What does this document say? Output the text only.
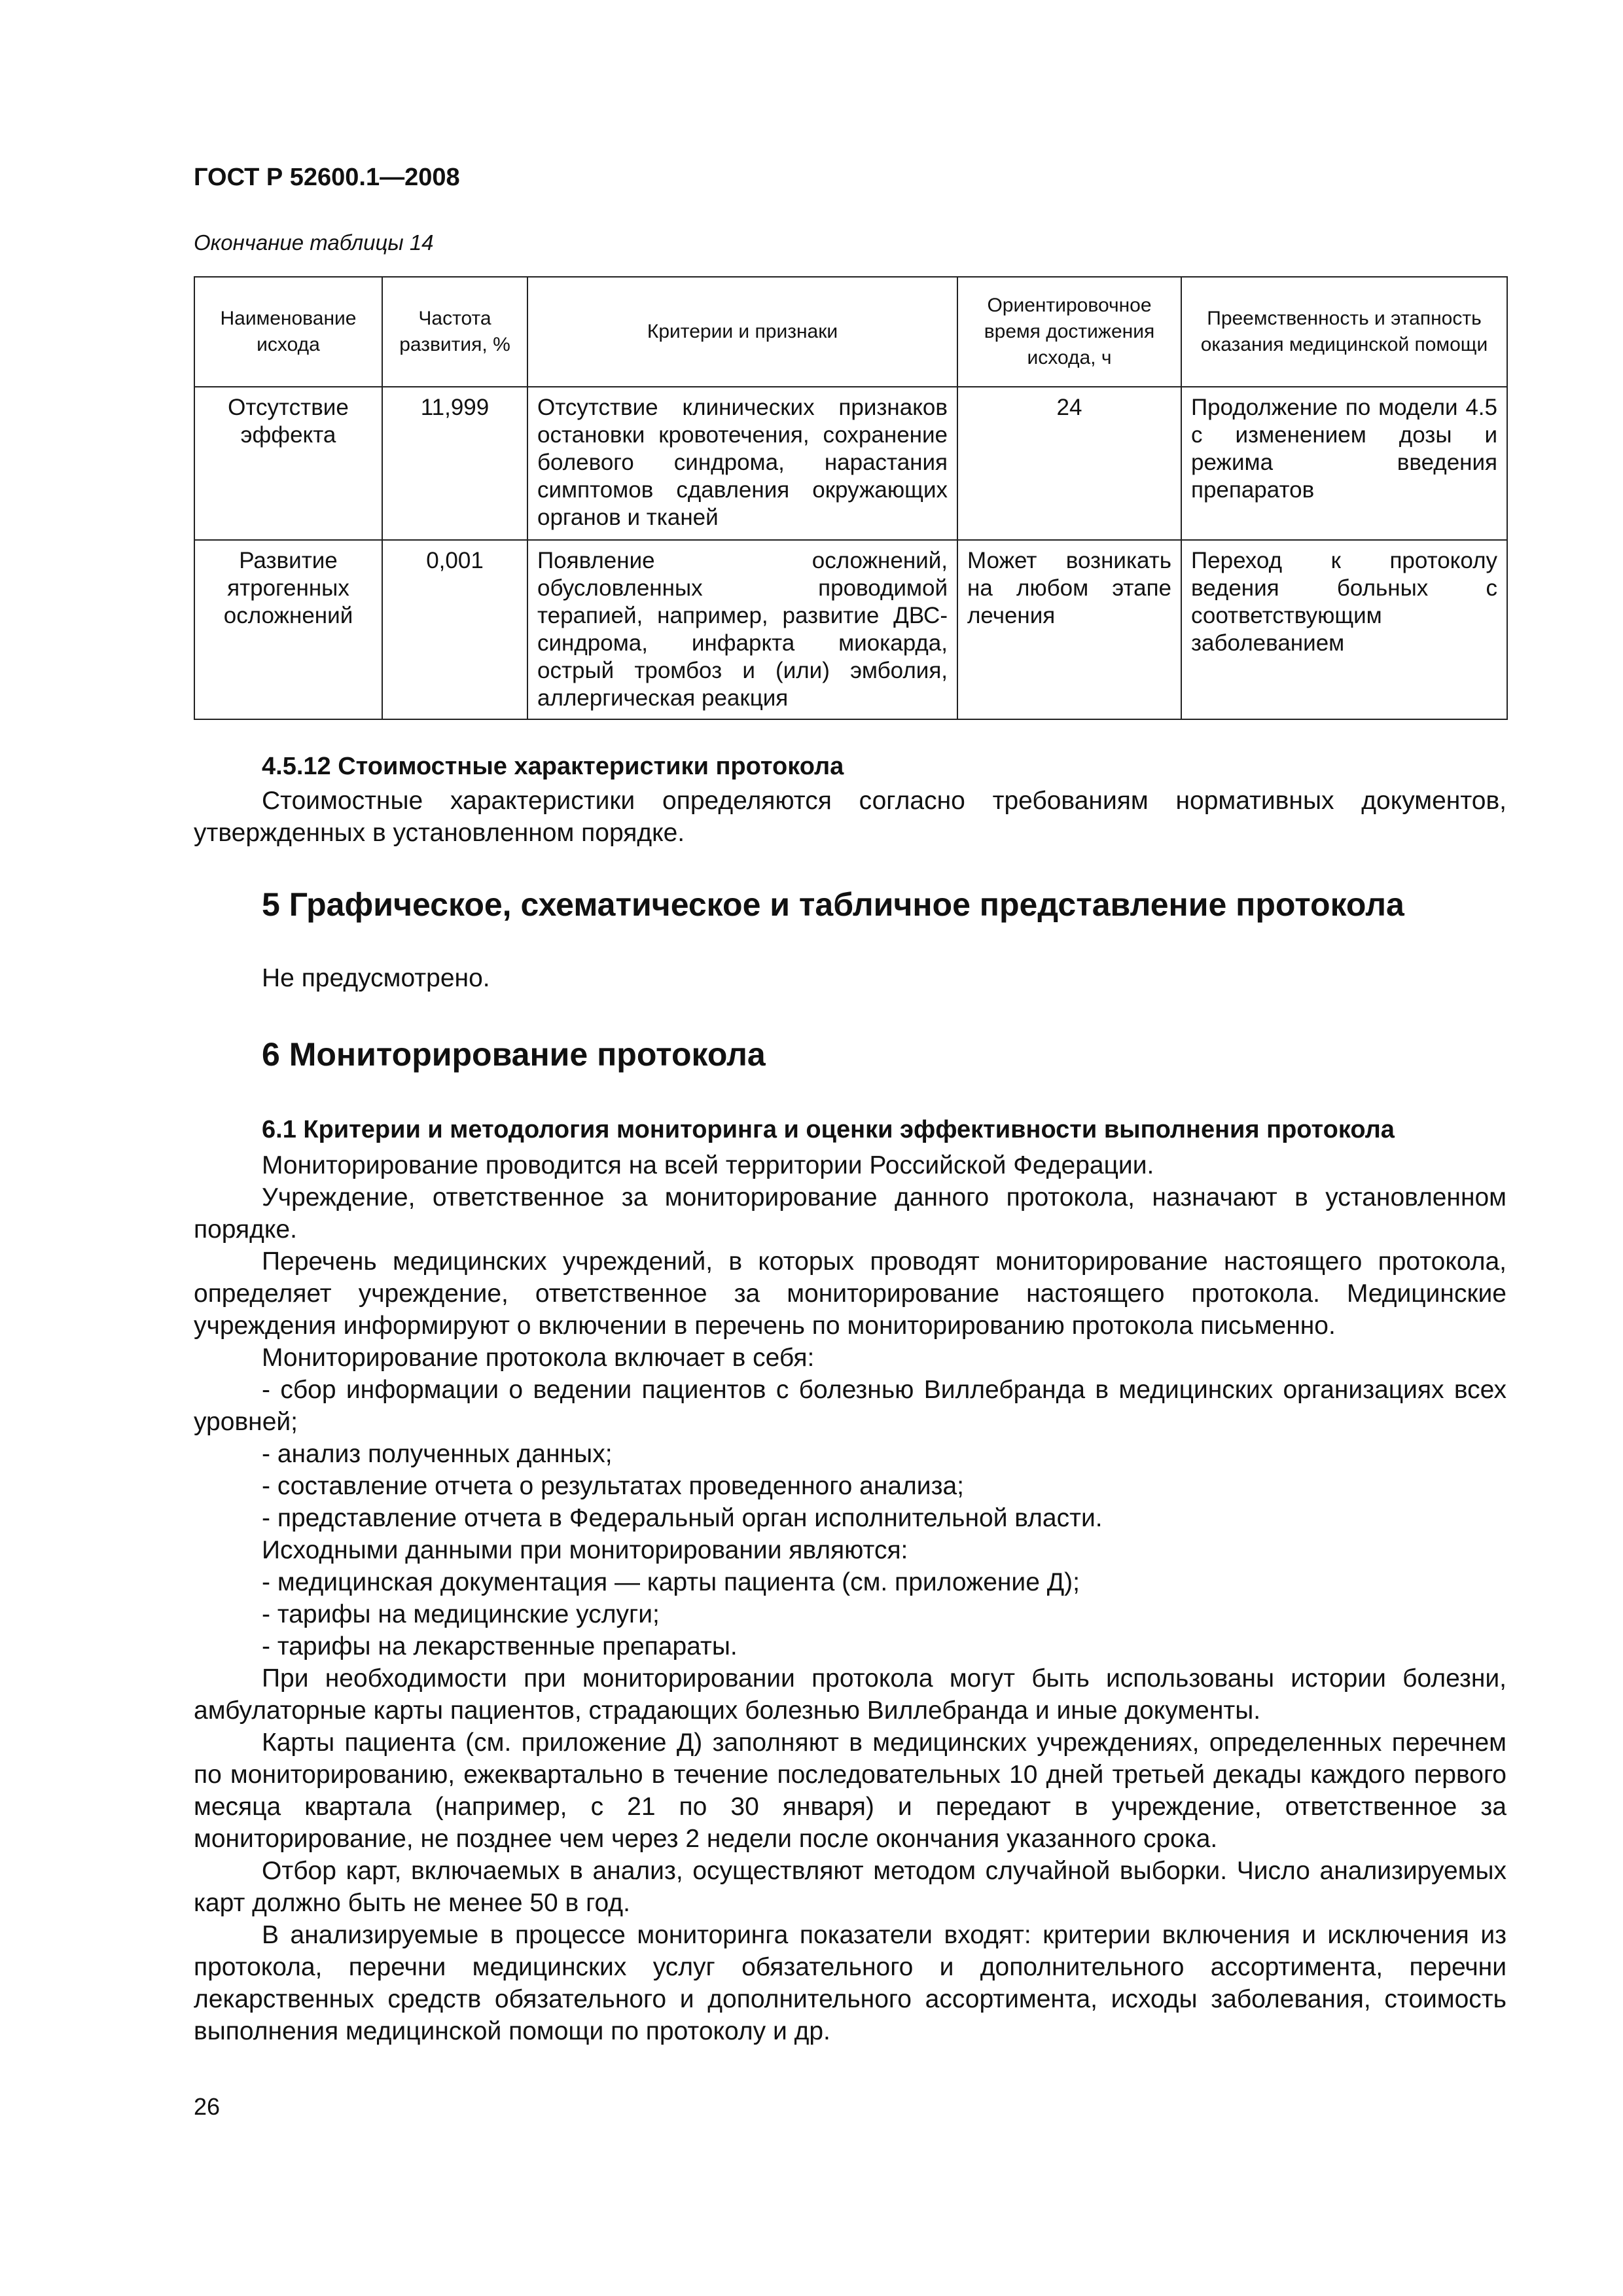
ГОСТ Р 52600.1—2008
Окончание таблицы 14
Наименование исхода	Частота развития, %	Критерии и признаки	Ориентировочное время достижения исхода, ч	Преемственность и этапность оказания медицинской помощи
Отсутствие эффекта	11,999	Отсутствие клинических признаков остановки кровотечения, сохранение болевого синдрома, нарастания симптомов сдавления окружающих органов и тканей	24	Продолжение по модели 4.5 с изменением дозы и режима введения препаратов
Развитие ятрогенных осложнений	0,001	Появление осложнений, обусловленных проводимой терапией, например, развитие ДВС-синдрома, инфаркта миокарда, острый тромбоз и (или) эмболия, аллергическая реакция	Может возникать на любом этапе лечения	Переход к протоколу ведения больных с соответствующим заболеванием
4.5.12 Стоимостные характеристики протокола

Стоимостные характеристики определяются согласно требованиям нормативных документов, утвержденных в установленном порядке.

5 Графическое, схематическое и табличное представление протокола

Не предусмотрено.

6 Мониторирование протокола
6.1 Критерии и методология мониторинга и оценки эффективности выполнения протокола

Мониторирование проводится на всей территории Российской Федерации.

Учреждение, ответственное за мониторирование данного протокола, назначают в установленном порядке.

Перечень медицинских учреждений, в которых проводят мониторирование настоящего протокола, определяет учреждение, ответственное за мониторирование настоящего протокола. Медицинские учреждения информируют о включении в перечень по мониторированию протокола письменно.

Мониторирование протокола включает в себя:

- сбор информации о ведении пациентов с болезнью Виллебранда в медицинских организациях всех уровней;

- анализ полученных данных;

- составление отчета о результатах проведенного анализа;

- представление отчета в Федеральный орган исполнительной власти.

Исходными данными при мониторировании являются:

- медицинская документация — карты пациента (см. приложение Д);

- тарифы на медицинские услуги;

- тарифы на лекарственные препараты.

При необходимости при мониторировании протокола могут быть использованы истории болезни, амбулаторные карты пациентов, страдающих болезнью Виллебранда и иные документы.

Карты пациента (см. приложение Д) заполняют в медицинских учреждениях, определенных перечнем по мониторированию, ежеквартально в течение последовательных 10 дней третьей декады каждого первого месяца квартала (например, с 21 по 30 января) и передают в учреждение, ответственное за мониторирование, не позднее чем через 2 недели после окончания указанного срока.

Отбор карт, включаемых в анализ, осуществляют методом случайной выборки. Число анализируемых карт должно быть не менее 50 в год.

В анализируемые в процессе мониторинга показатели входят: критерии включения и исключения из протокола, перечни медицинских услуг обязательного и дополнительного ассортимента, перечни лекарственных средств обязательного и дополнительного ассортимента, исходы заболевания, стоимость выполнения медицинской помощи по протоколу и др.

26
